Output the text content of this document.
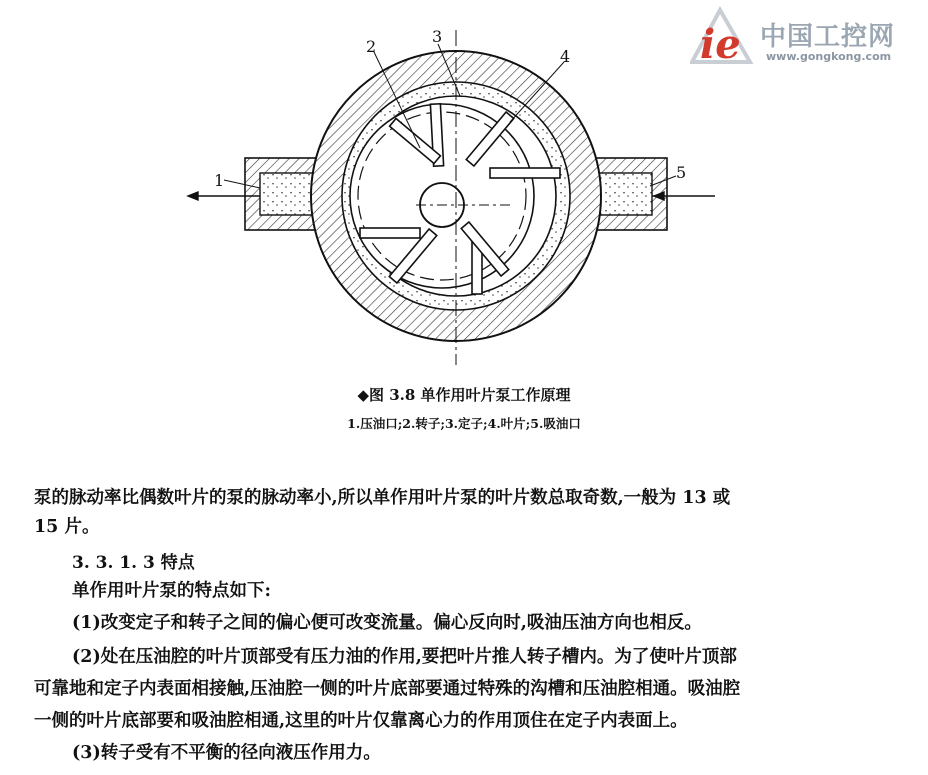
1
2
3
4
5
ie 中国工控网
www.gongkong.com
◆图 3.8 单作用叶片泵工作原理
1.压油口;2.转子;3.定子;4.叶片;5.吸油口
泵的脉动率比偶数叶片的泵的脉动率小,所以单作用叶片泵的叶片数总取奇数,一般为 13 或
15 片。
3. 3. 1. 3 特点
单作用叶片泵的特点如下:
(1)改变定子和转子之间的偏心便可改变流量。偏心反向时,吸油压油方向也相反。
(2)处在压油腔的叶片顶部受有压力油的作用,要把叶片推人转子槽内。为了使叶片顶部
可靠地和定子内表面相接触,压油腔一侧的叶片底部要通过特殊的沟槽和压油腔相通。吸油腔
一侧的叶片底部要和吸油腔相通,这里的叶片仅靠离心力的作用顶住在定子内表面上。
(3)转子受有不平衡的径向液压作用力。
